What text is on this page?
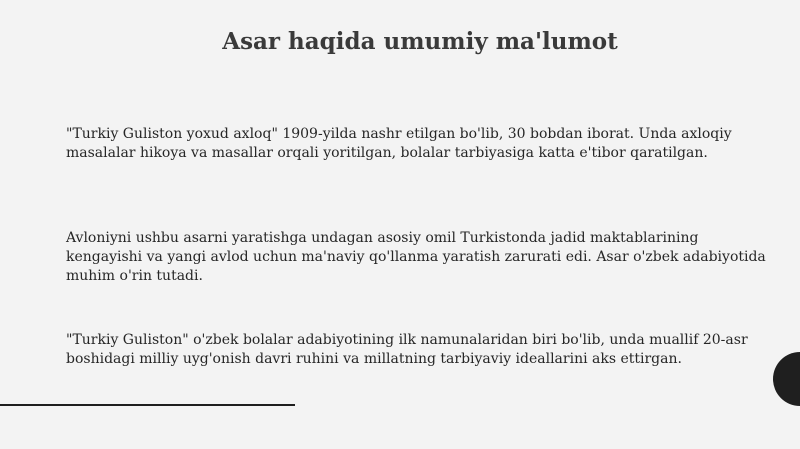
Asar haqida umumiy ma'lumot

"Turkiy Guliston yoxud axloq" 1909-yilda nashr etilgan bo'lib, 30 bobdan iborat. Unda axloqiy masalalar hikoya va masallar orqali yoritilgan, bolalar tarbiyasiga katta e'tibor qaratilgan.

Avloniyni ushbu asarni yaratishga undagan asosiy omil Turkistonda jadid maktablarining kengayishi va yangi avlod uchun ma'naviy qo'llanma yaratish zarurati edi. Asar o'zbek adabiyotida muhim o'rin tutadi.

"Turkiy Guliston" o'zbek bolalar adabiyotining ilk namunalaridan biri bo'lib, unda muallif 20-asr boshidagi milliy uyg'onish davri ruhini va millatning tarbiyaviy ideallarini aks ettirgan.
